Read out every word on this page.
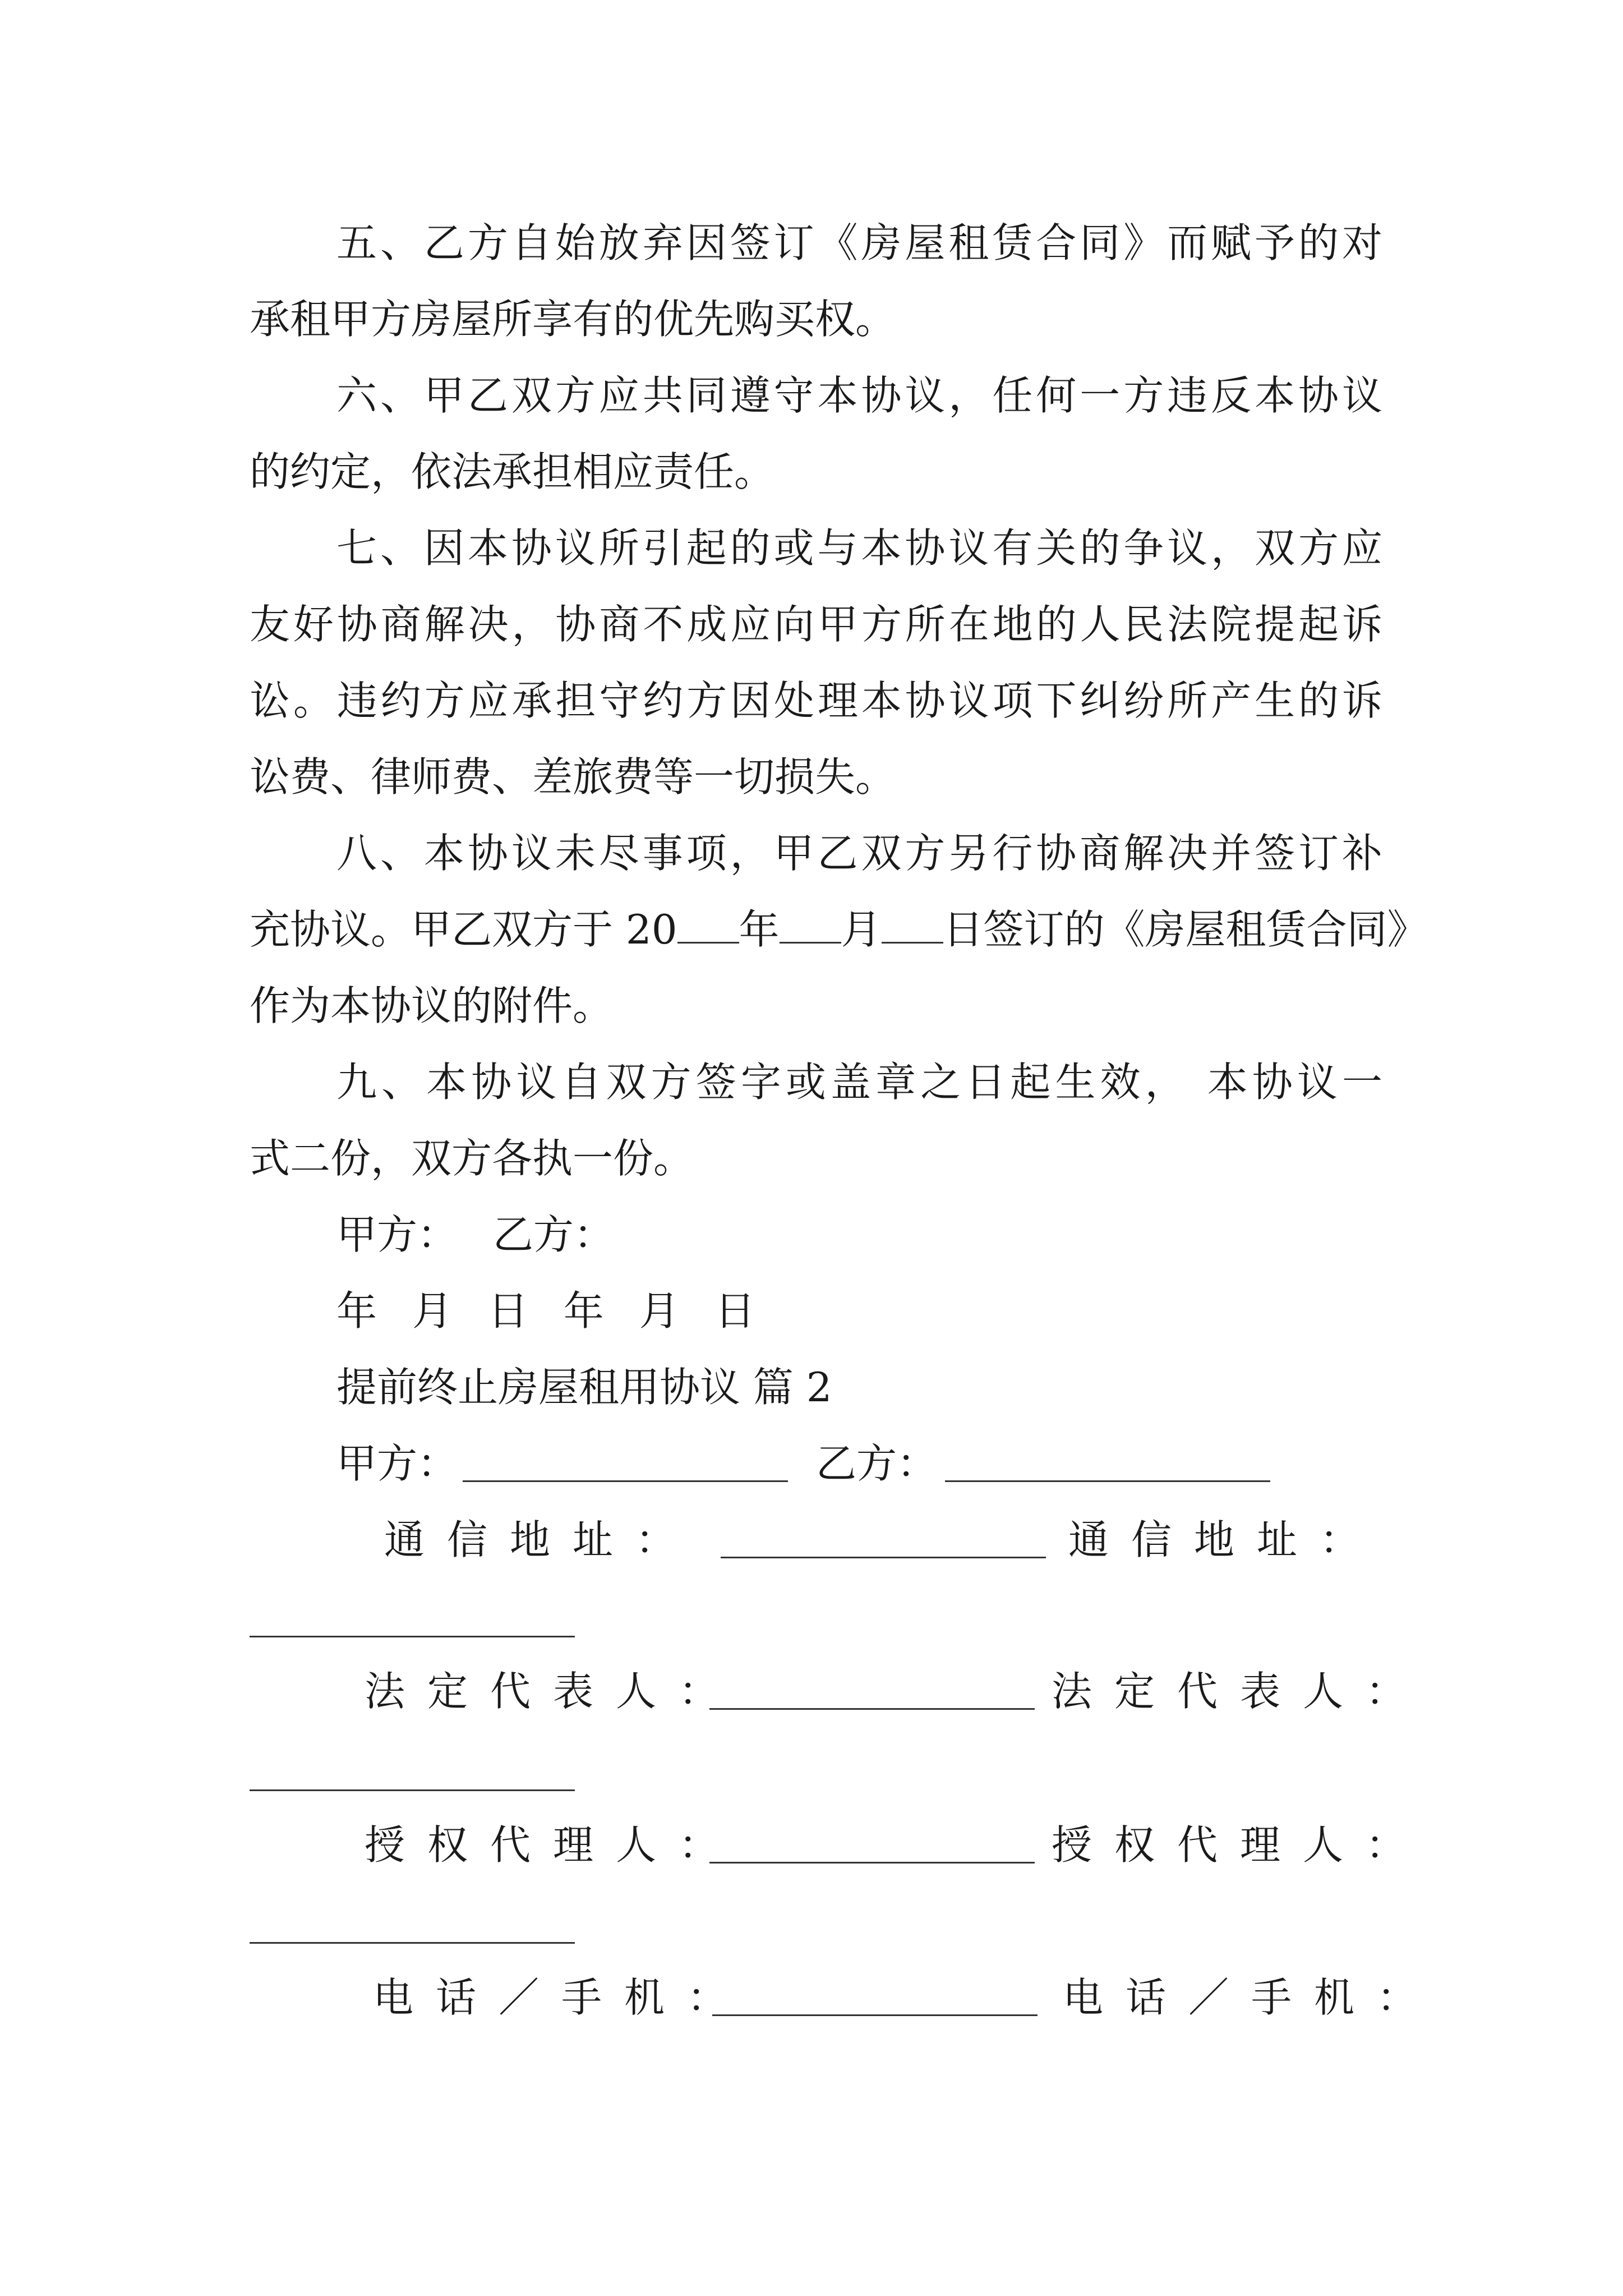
五、乙方自始放弃因签订《房屋租赁合同》而赋予的对
承租甲方房屋所享有的优先购买权。
六、甲乙双方应共同遵守本协议，任何一方违反本协议
的约定，依法承担相应责任。
七、因本协议所引起的或与本协议有关的争议，双方应
友好协商解决，协商不成应向甲方所在地的人民法院提起诉
讼。违约方应承担守约方因处理本协议项下纠纷所产生的诉
讼费、律师费、差旅费等一切损失。
八、本协议未尽事项，甲乙双方另行协商解决并签订补
充协议。甲乙双方于 20 年 月 日签订的《房屋租赁合同》
作为本协议的附件。
九、本协议自双方签字或盖章之日起生效， 本协议一
式二份，双方各执一份。
甲方： 乙方：
年 月 日 年 月 日
提前终止房屋租用协议 篇 2
甲方：	乙方：
通信地址：	通信地址：
法定代表人：	法定代表人：
授权代理人：	授权代理人：
电话／手机：	电话／手机：
